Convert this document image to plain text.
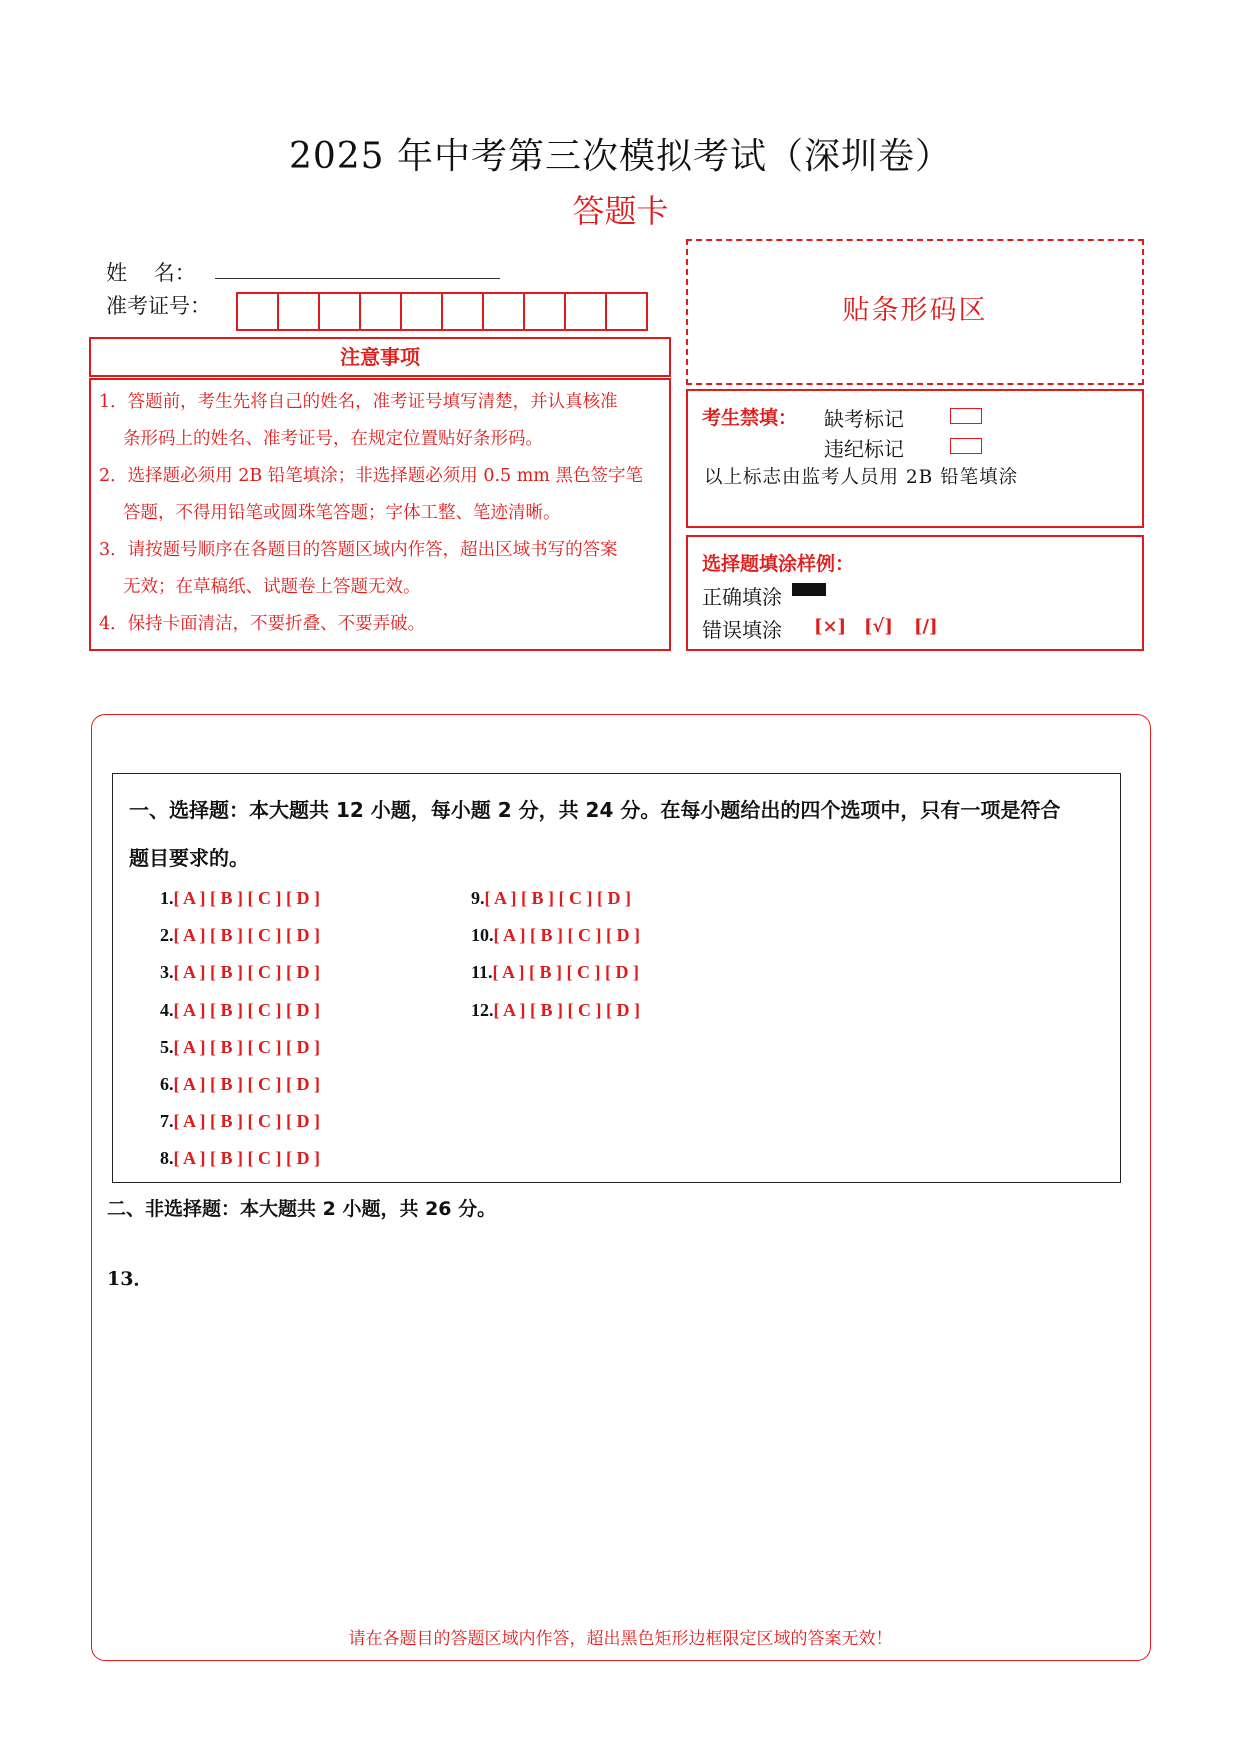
2025 年中考第三次模拟考试（深圳卷）
答题卡
姓    名：
准考证号：
注意事项
1．答题前，考生先将自己的姓名，准考证号填写清楚，并认真核准
条形码上的姓名、准考证号，在规定位置贴好条形码。
2．选择题必须用 2B 铅笔填涂；非选择题必须用 0.5 mm 黑色签字笔
答题，不得用铅笔或圆珠笔答题；字体工整、笔迹清晰。
3．请按题号顺序在各题目的答题区域内作答，超出区域书写的答案
无效；在草稿纸、试题卷上答题无效。
4．保持卡面清洁，不要折叠、不要弄破。
贴条形码区
考生禁填： 缺考标记
违纪标记
以上标志由监考人员用 2B 铅笔填涂
选择题填涂样例：
正确填涂
错误填涂 [×] [√] [/]
一、选择题：本大题共 12 小题，每小题 2 分，共 24 分。在每小题给出的四个选项中，只有一项是符合
题目要求的。
1.[ A ] [ B ] [ C ] [ D ]
2.[ A ] [ B ] [ C ] [ D ]
3.[ A ] [ B ] [ C ] [ D ]
4.[ A ] [ B ] [ C ] [ D ]
5.[ A ] [ B ] [ C ] [ D ]
6.[ A ] [ B ] [ C ] [ D ]
7.[ A ] [ B ] [ C ] [ D ]
8.[ A ] [ B ] [ C ] [ D ]
9.[ A ] [ B ] [ C ] [ D ]
10.[ A ] [ B ] [ C ] [ D ]
11.[ A ] [ B ] [ C ] [ D ]
12.[ A ] [ B ] [ C ] [ D ]
二、非选择题：本大题共 2 小题，共 26 分。
13．
请在各题目的答题区域内作答，超出黑色矩形边框限定区域的答案无效！
